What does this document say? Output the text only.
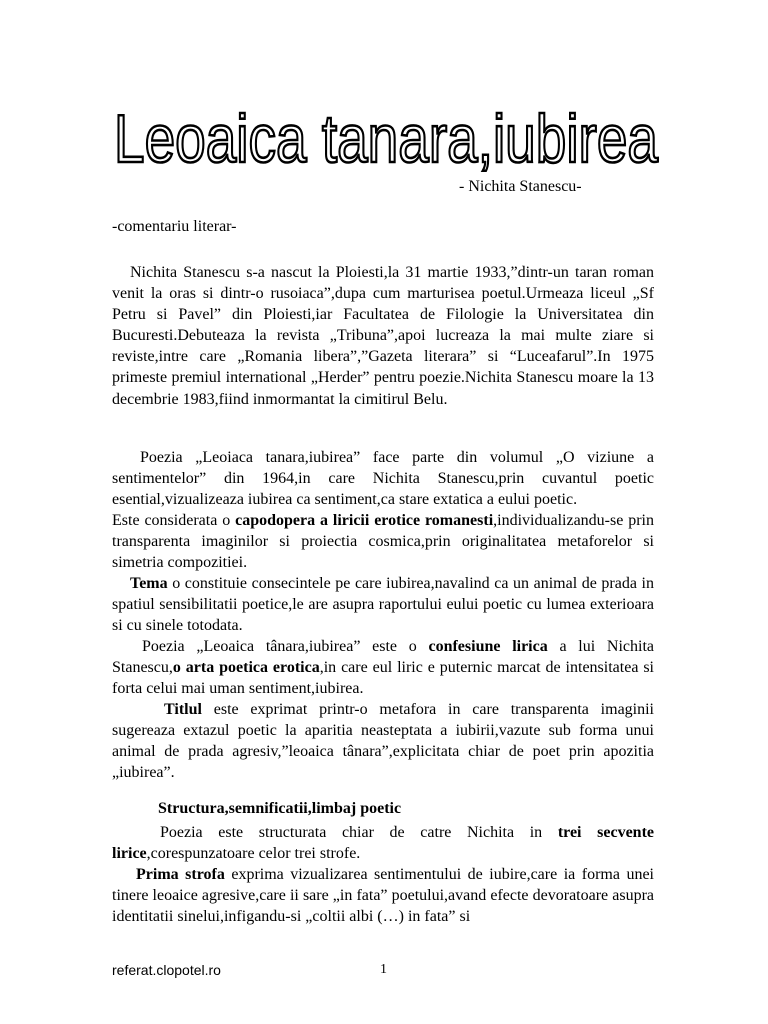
Leoaica tanara,iubirea
- Nichita Stanescu-
-comentariu literar-
Nichita Stanescu s-a nascut la Ploiesti,la 31 martie 1933,”dintr-un taran roman venit la oras si dintr-o rusoiaca”,dupa cum marturisea poetul.Urmeaza liceul „Sf Petru si Pavel” din Ploiesti,iar Facultatea de Filologie la Universitatea din Bucuresti.Debuteaza la revista „Tribuna”,apoi lucreaza la mai multe ziare si reviste,intre care „Romania libera”,”Gazeta literara” si “Luceafarul”.In 1975 primeste premiul international „Herder” pentru poezie.Nichita Stanescu moare la 13 decembrie 1983,fiind inmormantat la cimitirul Belu.
Poezia „Leoiaca tanara,iubirea” face parte din volumul „O viziune a sentimentelor” din 1964,in care Nichita Stanescu,prin cuvantul poetic esential,vizualizeaza iubirea ca sentiment,ca stare extatica a eului poetic.
Este considerata o capodopera a liricii erotice romanesti,individualizandu-se prin transparenta imaginilor si proiectia cosmica,prin originalitatea metaforelor si simetria compozitiei.
Tema o constituie consecintele pe care iubirea,navalind ca un animal de prada in spatiul sensibilitatii poetice,le are asupra raportului eului poetic cu lumea exterioara si cu sinele totodata.
Poezia „Leoaica tânara,iubirea” este o confesiune lirica a lui Nichita Stanescu,o arta poetica erotica,in care eul liric e puternic marcat de intensitatea si forta celui mai uman sentiment,iubirea.
Titlul este exprimat printr-o metafora in care transparenta imaginii sugereaza extazul poetic la aparitia neasteptata a iubirii,vazute sub forma unui animal de prada agresiv,”leoaica tânara”,explicitata chiar de poet prin apozitia „iubirea”.
Structura,semnificatii,limbaj poetic
Poezia este structurata chiar de catre Nichita in trei secvente lirice,corespunzatoare celor trei strofe.
Prima strofa exprima vizualizarea sentimentului de iubire,care ia forma unei tinere leoaice agresive,care ii sare „in fata” poetului,avand efecte devoratoare asupra identitatii sinelui,infigandu-si „coltii albi (…) in fata” si
referat.clopotel.ro	1
